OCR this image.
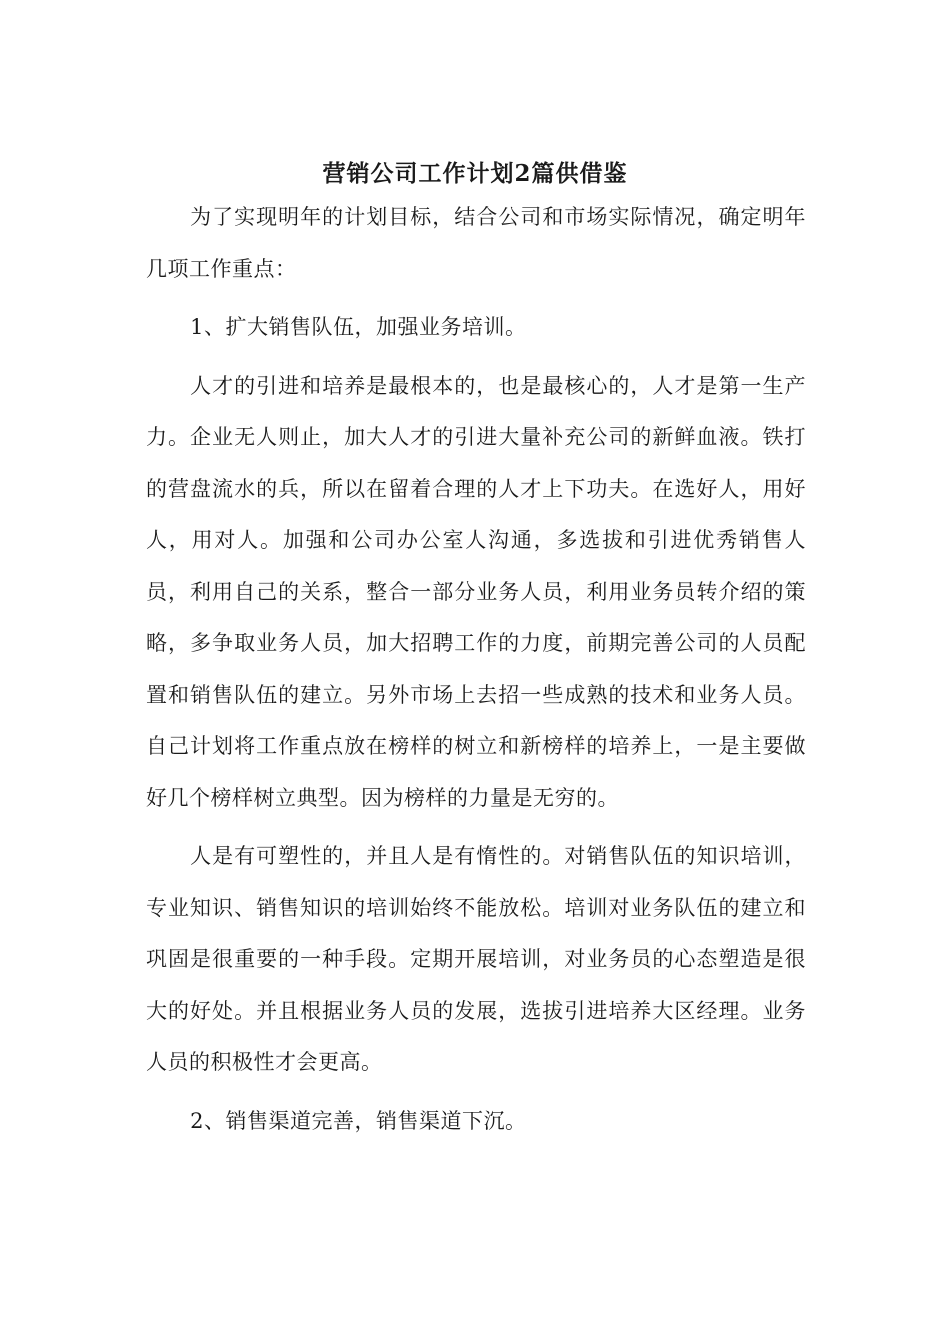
营销公司工作计划2篇供借鉴

为了实现明年的计划目标，结合公司和市场实际情况，确定明年几项工作重点：

1、扩大销售队伍，加强业务培训。

人才的引进和培养是最根本的，也是最核心的，人才是第一生产力。企业无人则止，加大人才的引进大量补充公司的新鲜血液。铁打的营盘流水的兵，所以在留着合理的人才上下功夫。在选好人，用好人，用对人。加强和公司办公室人沟通，多选拔和引进优秀销售人员，利用自己的关系，整合一部分业务人员，利用业务员转介绍的策略，多争取业务人员，加大招聘工作的力度，前期完善公司的人员配置和销售队伍的建立。另外市场上去招一些成熟的技术和业务人员。自己计划将工作重点放在榜样的树立和新榜样的培养上，一是主要做好几个榜样树立典型。因为榜样的力量是无穷的。

人是有可塑性的，并且人是有惰性的。对销售队伍的知识培训，专业知识、销售知识的培训始终不能放松。培训对业务队伍的建立和巩固是很重要的一种手段。定期开展培训，对业务员的心态塑造是很大的好处。并且根据业务人员的发展，选拔引进培养大区经理。业务人员的积极性才会更高。

2、销售渠道完善，销售渠道下沉。
